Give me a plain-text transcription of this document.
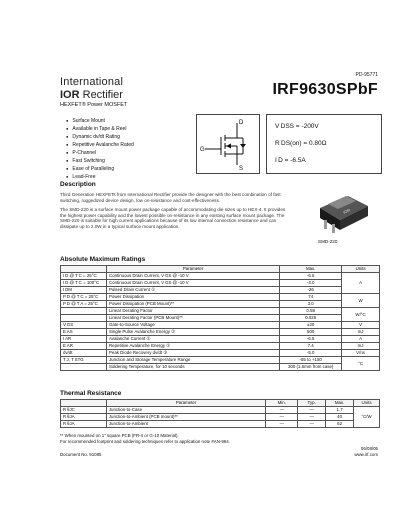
PD-95771
International
IOR Rectifier
HEXFET® Power MOSFET
IRF9630SPbF
● Surface Mount
● Available in Tape & Reel
● Dynamic dv/dt Rating
● Repetitive Avalanche Rated
● P-Channel
● Fast Switching
● Ease of Paralleling
● Lead-Free
G
D
S
V DSS = -200V
R DS(on) = 0.80Ω
I D = -6.5A
Description

Third Generation HEXFETs from International Rectifier provide the designer with the best combination of fast switching, ruggedized device design, low on-resistance and cost-effectiveness.

The SMD-220 is a surface mount power package capable of accommodating die sizes up to HEX-4. It provides the highest power capability and the lowest possible on-resistance in any existing surface mount package. The SMD-220 is suitable for high current applications because of its low internal connection resistance and can dissipate up to 2.0W in a typical surface mount application.

IOR
SMD-220
Absolute Maximum Ratings
	Parameter	Max.	Units
I D @ T C = 25°C	Continuous Drain Current, V GS @ -10 V	-6.5	A
I D @ T C = 100°C	Continuous Drain Current, V GS @ -10 V	-4.0	
I DM	Pulsed Drain Current ①	-26	
P D @ T C = 25°C	Power Dissipation	74	W
P D @ T A = 25°C	Power Dissipation (PCB Mount)**	3.0	
	Linear Derating Factor	0.59	W/°C
	Linear Derating Factor (PCB Mount)**	0.025	
V GS	Gate-to-Source Voltage	±20	V
E AS	Single Pulse Avalanche Energy ②	500	mJ
I AR	Avalanche Current ①	-6.5	A
E AR	Repetitive Avalanche Energy ①	7.4	mJ
dv/dt	Peak Diode Recovery dv/dt ③	-5.0	V/ns
T J, T STG	Junction and Storage Temperature Range	-55 to +150	°C
	Soldering Temperature, for 10 seconds	300 (1.6mm from case)	
Thermal Resistance
	Parameter	Min.	Typ.	Max.	Units
R θJC	Junction-to-Case	—	—	1.7	°C/W
R θJA	Junction-to-Ambient (PCB mount)**	—	—	40	
R θJA	Junction-to-Ambient	—	—	62	
** When mounted on 1" square PCB (FR-4 or G-10 Material).
For recommended footprint and soldering techniques refer to application note #AN-994.
Document No. 91085
06/08/05
www.irf.com
